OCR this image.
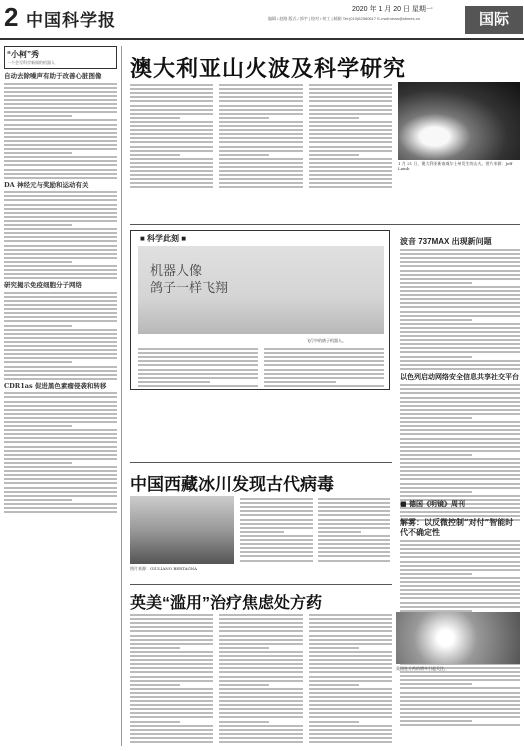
2 中国科学报
2020 年 1 月 20 日 星期一
编辑 / 赵路 版式 / 郭宇 | 校对 / 何工 | 邮箱 Tel:(010)62580617 E-mail:news@stimes.cn	国际
“小柯”秀
一个会写科学新闻的机器人
自动去除噪声有助于改善心脏图像
DA 神经元与奖励和运动有关
研究揭示免疫细胞分子网络
CDR1as 促进黑色素瘤侵袭和转移
澳大利亚山火波及科学研究
1 月 21 日，澳大利亚新南威尔士州发生的山火。图片来源：Jeff Lamb
■ 科学此刻 ■
机器人像
鸽子一样飞翔
飞行中的鸽子机器人。
波音 737MAX 出现新问题
以色列启动网络安全信息共享社交平台
中国西藏冰川发现古代病毒
图片来源：GIULIANO BERTAGNA
■ 德国《明镜》周刊
解雾：以反微控制“对付”智能时代不确定性
英美“滥用”治疗焦虑处方药
英国处方药的增多引起关注。
